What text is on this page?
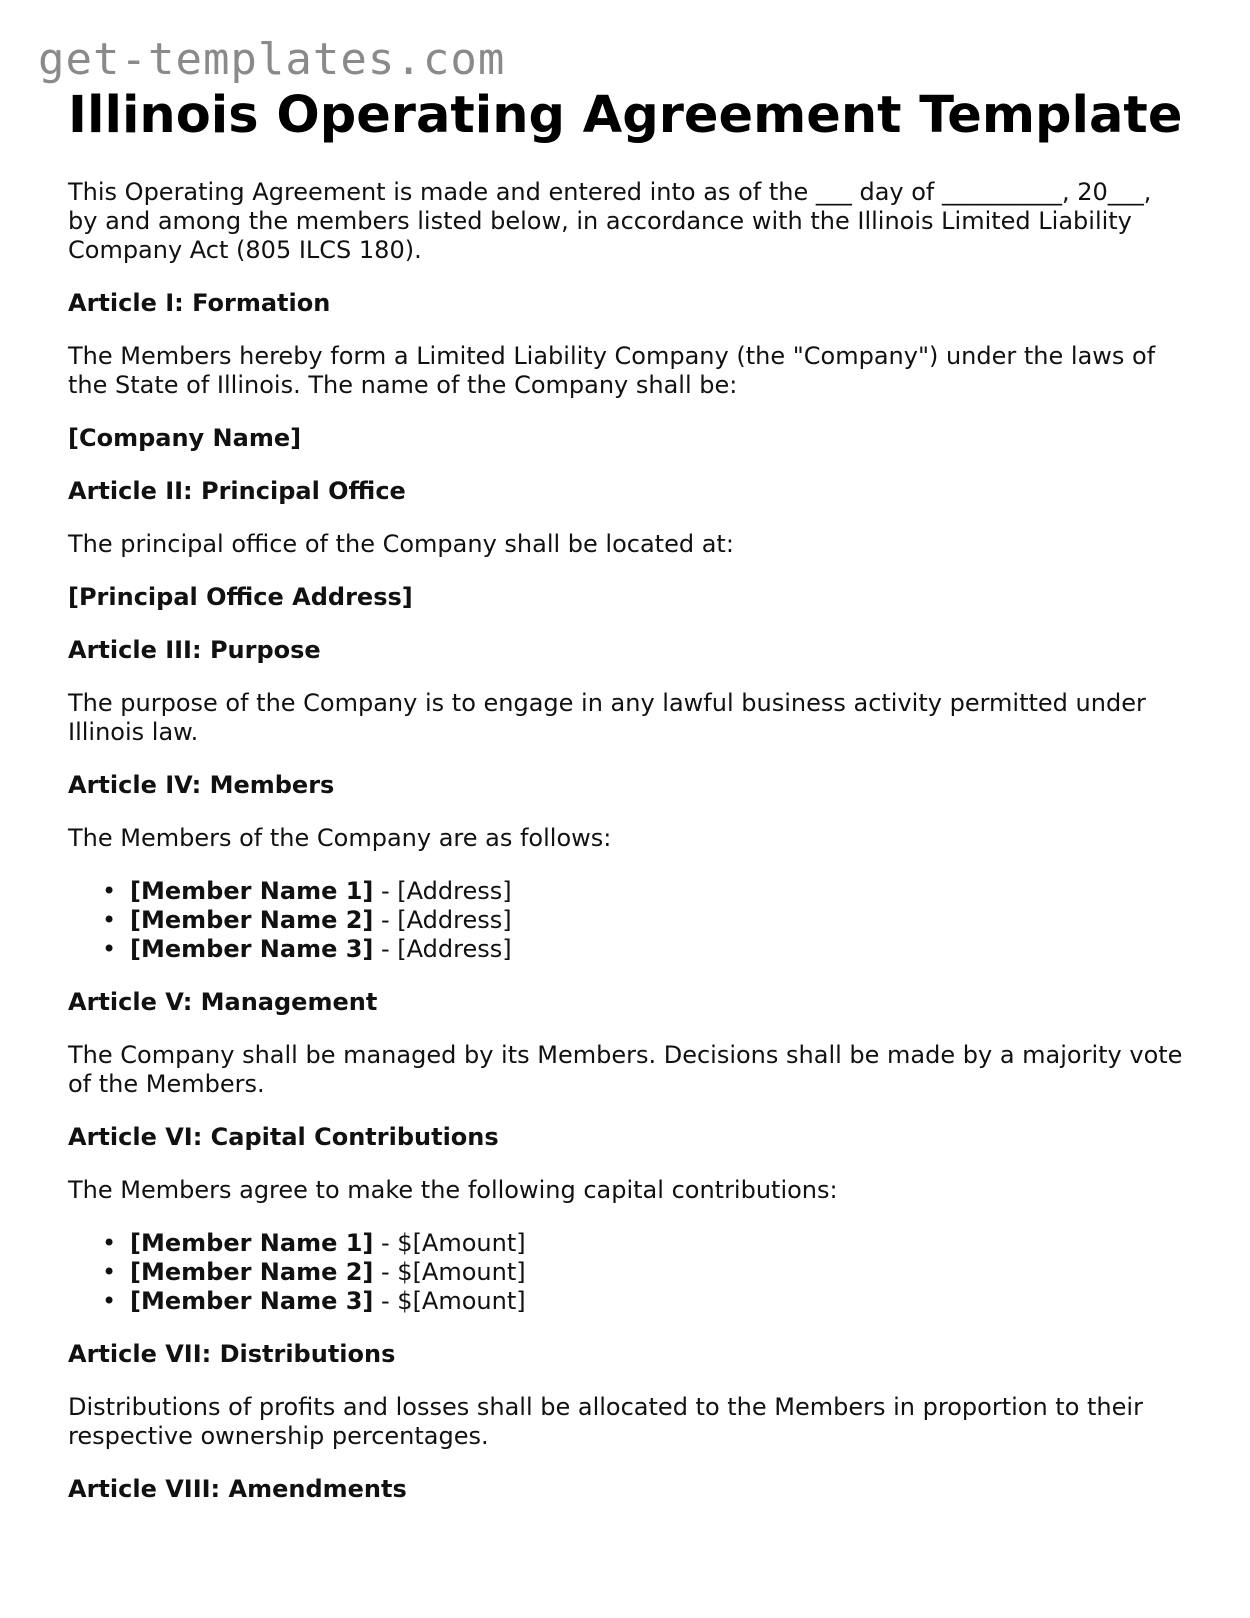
get-templates.com
Illinois Operating Agreement Template

This Operating Agreement is made and entered into as of the ___ day of __________, 20___, by and among the members listed below, in accordance with the Illinois Limited Liability Company Act (805 ILCS 180).

Article I: Formation

The Members hereby form a Limited Liability Company (the "Company") under the laws of the State of Illinois. The name of the Company shall be:

[Company Name]

Article II: Principal Office

The principal office of the Company shall be located at:

[Principal Office Address]

Article III: Purpose

The purpose of the Company is to engage in any lawful business activity permitted under Illinois law.

Article IV: Members

The Members of the Company are as follows:

• [Member Name 1] - [Address]
• [Member Name 2] - [Address]
• [Member Name 3] - [Address]

Article V: Management

The Company shall be managed by its Members. Decisions shall be made by a majority vote of the Members.

Article VI: Capital Contributions

The Members agree to make the following capital contributions:

• [Member Name 1] - $[Amount]
• [Member Name 2] - $[Amount]
• [Member Name 3] - $[Amount]

Article VII: Distributions

Distributions of profits and losses shall be allocated to the Members in proportion to their respective ownership percentages.

Article VIII: Amendments
